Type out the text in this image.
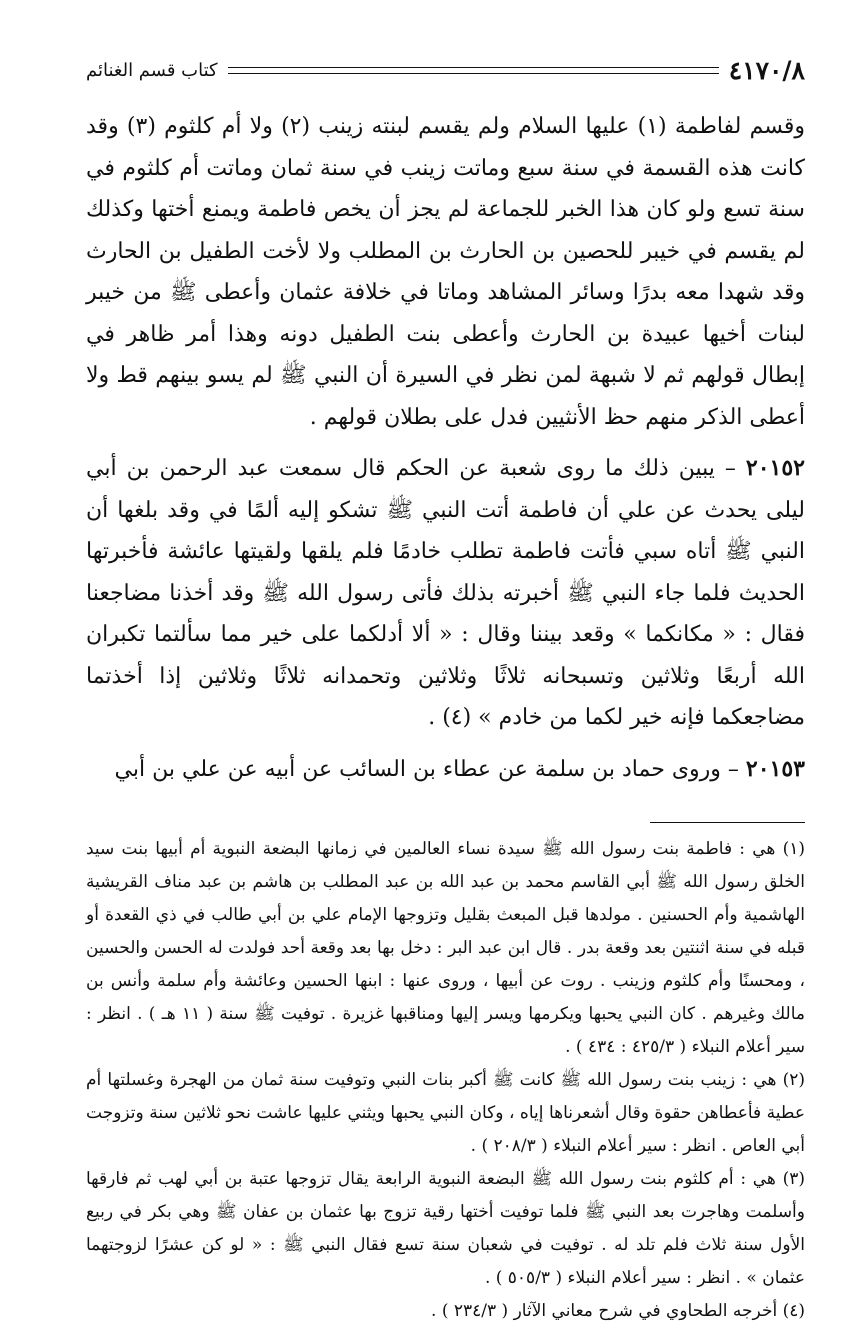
٤١٧٠/٨
كتاب قسم الغنائم

وقسم لفاطمة (١) عليها السلام ولم يقسم لبنته زينب (٢) ولا أم كلثوم (٣) وقد كانت هذه القسمة في سنة سبع وماتت زينب في سنة ثمان وماتت أم كلثوم في سنة تسع ولو كان هذا الخبر للجماعة لم يجز أن يخص فاطمة ويمنع أختها وكذلك لم يقسم في خيبر للحصين بن الحارث بن المطلب ولا لأخت الطفيل بن الحارث وقد شهدا معه بدرًا وسائر المشاهد وماتا في خلافة عثمان وأعطى ﷺ من خيبر لبنات أخيها عبيدة بن الحارث وأعطى بنت الطفيل دونه وهذا أمر ظاهر في إبطال قولهم ثم لا شبهة لمن نظر في السيرة أن النبي ﷺ لم يسو بينهم قط ولا أعطى الذكر منهم حظ الأنثيين فدل على بطلان قولهم .

٢٠١٥٢ – يبين ذلك ما روى شعبة عن الحكم قال سمعت عبد الرحمن بن أبي ليلى يحدث عن علي أن فاطمة أتت النبي ﷺ تشكو إليه ألمًا في وقد بلغها أن النبي ﷺ أتاه سبي فأتت فاطمة تطلب خادمًا فلم يلقها ولقيتها عائشة فأخبرتها الحديث فلما جاء النبي ﷺ أخبرته بذلك فأتى رسول الله ﷺ وقد أخذنا مضاجعنا فقال : « مكانكما » وقعد بيننا وقال : « ألا أدلكما على خير مما سألتما تكبران الله أربعًا وثلاثين وتسبحانه ثلاثًا وثلاثين وتحمدانه ثلاثًا وثلاثين إذا أخذتما مضاجعكما فإنه خير لكما من خادم » (٤) .

٢٠١٥٣ – وروى حماد بن سلمة عن عطاء بن السائب عن أبيه عن علي بن أبي

(١) هي : فاطمة بنت رسول الله ﷺ سيدة نساء العالمين في زمانها البضعة النبوية أم أبيها بنت سيد الخلق رسول الله ﷺ أبي القاسم محمد بن عبد الله بن عبد المطلب بن هاشم بن عبد مناف القريشية الهاشمية وأم الحسنين . مولدها قبل المبعث بقليل وتزوجها الإمام علي بن أبي طالب في ذي القعدة أو قبله في سنة اثنتين بعد وقعة بدر . قال ابن عبد البر : دخل بها بعد وقعة أحد فولدت له الحسن والحسين ، ومحسنًا وأم كلثوم وزينب . روت عن أبيها ، وروى عنها : ابنها الحسين وعائشة وأم سلمة وأنس بن مالك وغيرهم . كان النبي يحبها ويكرمها ويسر إليها ومناقبها غزيرة . توفيت ﷺ سنة ( ١١ هـ ) . انظر : سير أعلام النبلاء ( ٤٢٥/٣ : ٤٣٤ ) .

(٢) هي : زينب بنت رسول الله ﷺ كانت ﷺ أكبر بنات النبي وتوفيت سنة ثمان من الهجرة وغسلتها أم عطية فأعطاهن حقوة وقال أشعرناها إياه ، وكان النبي يحبها ويثني عليها عاشت نحو ثلاثين سنة وتزوجت أبي العاص . انظر : سير أعلام النبلاء ( ٢٠٨/٣ ) .

(٣) هي : أم كلثوم بنت رسول الله ﷺ البضعة النبوية الرابعة يقال تزوجها عتبة بن أبي لهب ثم فارقها وأسلمت وهاجرت بعد النبي ﷺ فلما توفيت أختها رقية تزوج بها عثمان بن عفان ﷺ وهي بكر في ربيع الأول سنة ثلاث فلم تلد له . توفيت في شعبان سنة تسع فقال النبي ﷺ : « لو كن عشرًا لزوجتهما عثمان » . انظر : سير أعلام النبلاء ( ٥٠٥/٣ ) .

(٤) أخرجه الطحاوي في شرح معاني الآثار ( ٢٣٤/٣ ) .
